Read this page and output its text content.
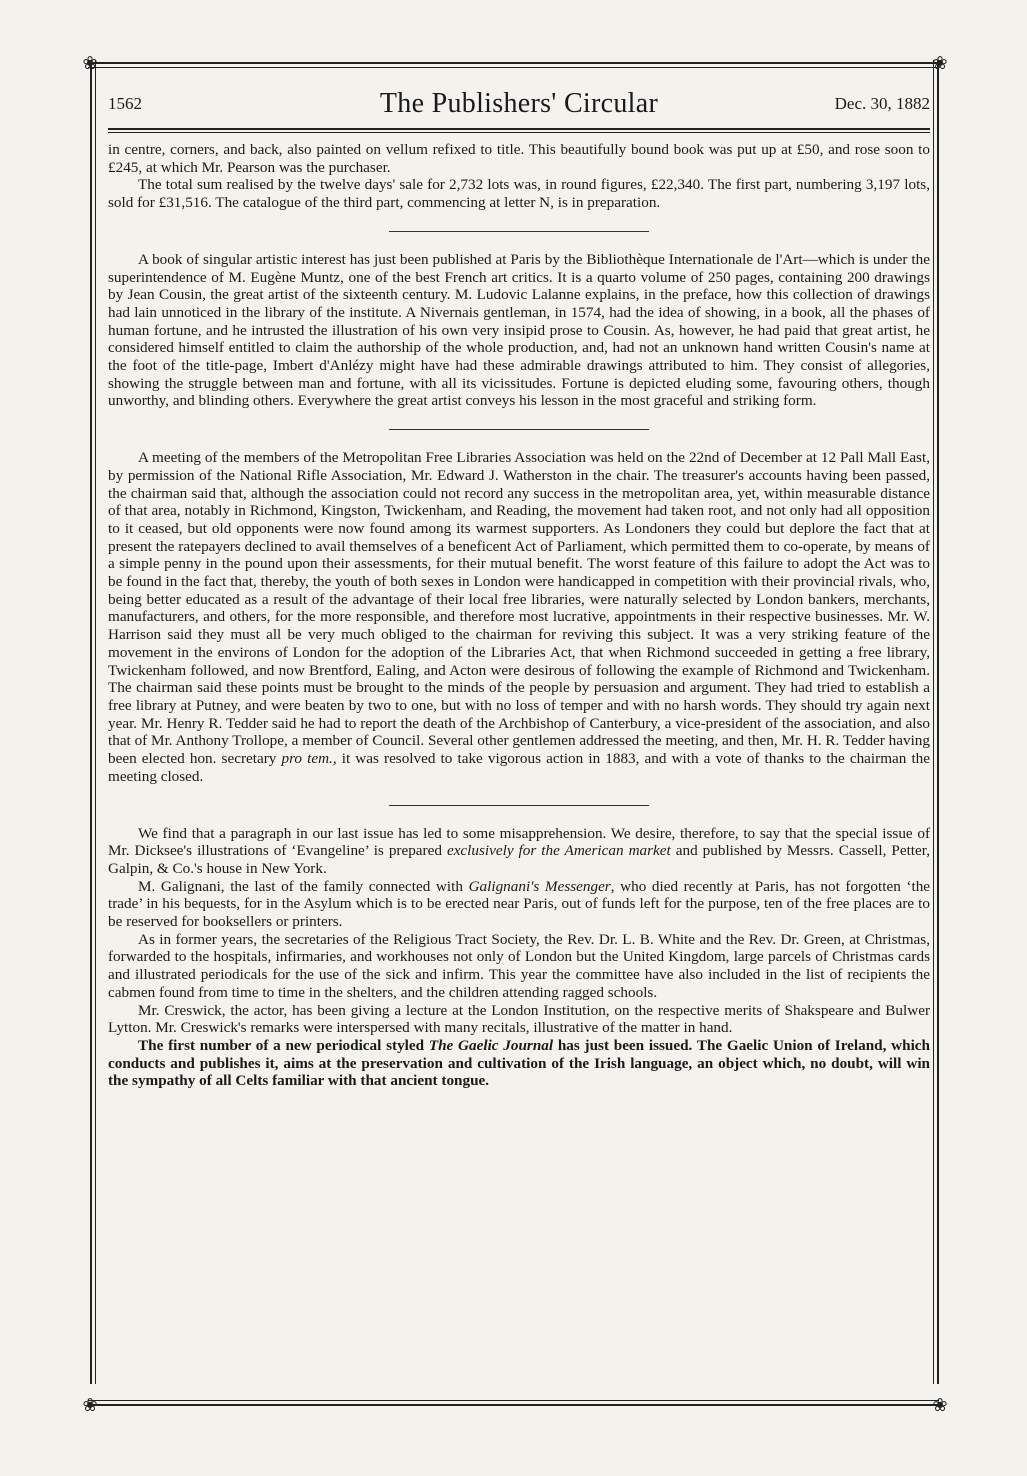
❀	❀
❀	❀
1562	The Publishers' Circular	Dec. 30, 1882

in centre, corners, and back, also painted on vellum refixed to title. This beautifully bound book was put up at £50, and rose soon to £245, at which Mr. Pearson was the purchaser.

The total sum realised by the twelve days' sale for 2,732 lots was, in round figures, £22,340. The first part, numbering 3,197 lots, sold for £31,516. The catalogue of the third part, commencing at letter N, is in preparation.

A book of singular artistic interest has just been published at Paris by the Bibliothèque Internationale de l'Art—which is under the superintendence of M. Eugène Muntz, one of the best French art critics. It is a quarto volume of 250 pages, containing 200 drawings by Jean Cousin, the great artist of the sixteenth century. M. Ludovic Lalanne explains, in the preface, how this collection of drawings had lain unnoticed in the library of the institute. A Nivernais gentleman, in 1574, had the idea of showing, in a book, all the phases of human fortune, and he intrusted the illustration of his own very insipid prose to Cousin. As, however, he had paid that great artist, he considered himself entitled to claim the authorship of the whole production, and, had not an unknown hand written Cousin's name at the foot of the title-page, Imbert d'Anlézy might have had these admirable drawings attributed to him. They consist of allegories, showing the struggle between man and fortune, with all its vicissitudes. Fortune is depicted eluding some, favouring others, though unworthy, and blinding others. Everywhere the great artist conveys his lesson in the most graceful and striking form.

A meeting of the members of the Metropolitan Free Libraries Association was held on the 22nd of December at 12 Pall Mall East, by permission of the National Rifle Association, Mr. Edward J. Watherston in the chair. The treasurer's accounts having been passed, the chairman said that, although the association could not record any success in the metropolitan area, yet, within measurable distance of that area, notably in Richmond, Kingston, Twickenham, and Reading, the movement had taken root, and not only had all opposition to it ceased, but old opponents were now found among its warmest supporters. As Londoners they could but deplore the fact that at present the ratepayers declined to avail themselves of a beneficent Act of Parliament, which permitted them to co-operate, by means of a simple penny in the pound upon their assessments, for their mutual benefit. The worst feature of this failure to adopt the Act was to be found in the fact that, thereby, the youth of both sexes in London were handicapped in competition with their provincial rivals, who, being better educated as a result of the advantage of their local free libraries, were naturally selected by London bankers, merchants, manufacturers, and others, for the more responsible, and therefore most lucrative, appointments in their respective businesses. Mr. W. Harrison said they must all be very much obliged to the chairman for reviving this subject. It was a very striking feature of the movement in the environs of London for the adoption of the Libraries Act, that when Richmond succeeded in getting a free library, Twickenham followed, and now Brentford, Ealing, and Acton were desirous of following the example of Richmond and Twickenham. The chairman said these points must be brought to the minds of the people by persuasion and argument. They had tried to establish a free library at Putney, and were beaten by two to one, but with no loss of temper and with no harsh words. They should try again next year. Mr. Henry R. Tedder said he had to report the death of the Archbishop of Canterbury, a vice-president of the association, and also that of Mr. Anthony Trollope, a member of Council. Several other gentlemen addressed the meeting, and then, Mr. H. R. Tedder having been elected hon. secretary pro tem., it was resolved to take vigorous action in 1883, and with a vote of thanks to the chairman the meeting closed.

We find that a paragraph in our last issue has led to some misapprehension. We desire, therefore, to say that the special issue of Mr. Dicksee's illustrations of ‘Evangeline’ is prepared exclusively for the American market and published by Messrs. Cassell, Petter, Galpin, & Co.'s house in New York.

M. Galignani, the last of the family connected with Galignani's Messenger, who died recently at Paris, has not forgotten ‘the trade’ in his bequests, for in the Asylum which is to be erected near Paris, out of funds left for the purpose, ten of the free places are to be reserved for booksellers or printers.

As in former years, the secretaries of the Religious Tract Society, the Rev. Dr. L. B. White and the Rev. Dr. Green, at Christmas, forwarded to the hospitals, infirmaries, and workhouses not only of London but the United Kingdom, large parcels of Christmas cards and illustrated periodicals for the use of the sick and infirm. This year the committee have also included in the list of recipients the cabmen found from time to time in the shelters, and the children attending ragged schools.

Mr. Creswick, the actor, has been giving a lecture at the London Institution, on the respective merits of Shakspeare and Bulwer Lytton. Mr. Creswick's remarks were interspersed with many recitals, illustrative of the matter in hand.

The first number of a new periodical styled The Gaelic Journal has just been issued. The Gaelic Union of Ireland, which conducts and publishes it, aims at the preservation and cultivation of the Irish language, an object which, no doubt, will win the sympathy of all Celts familiar with that ancient tongue.
